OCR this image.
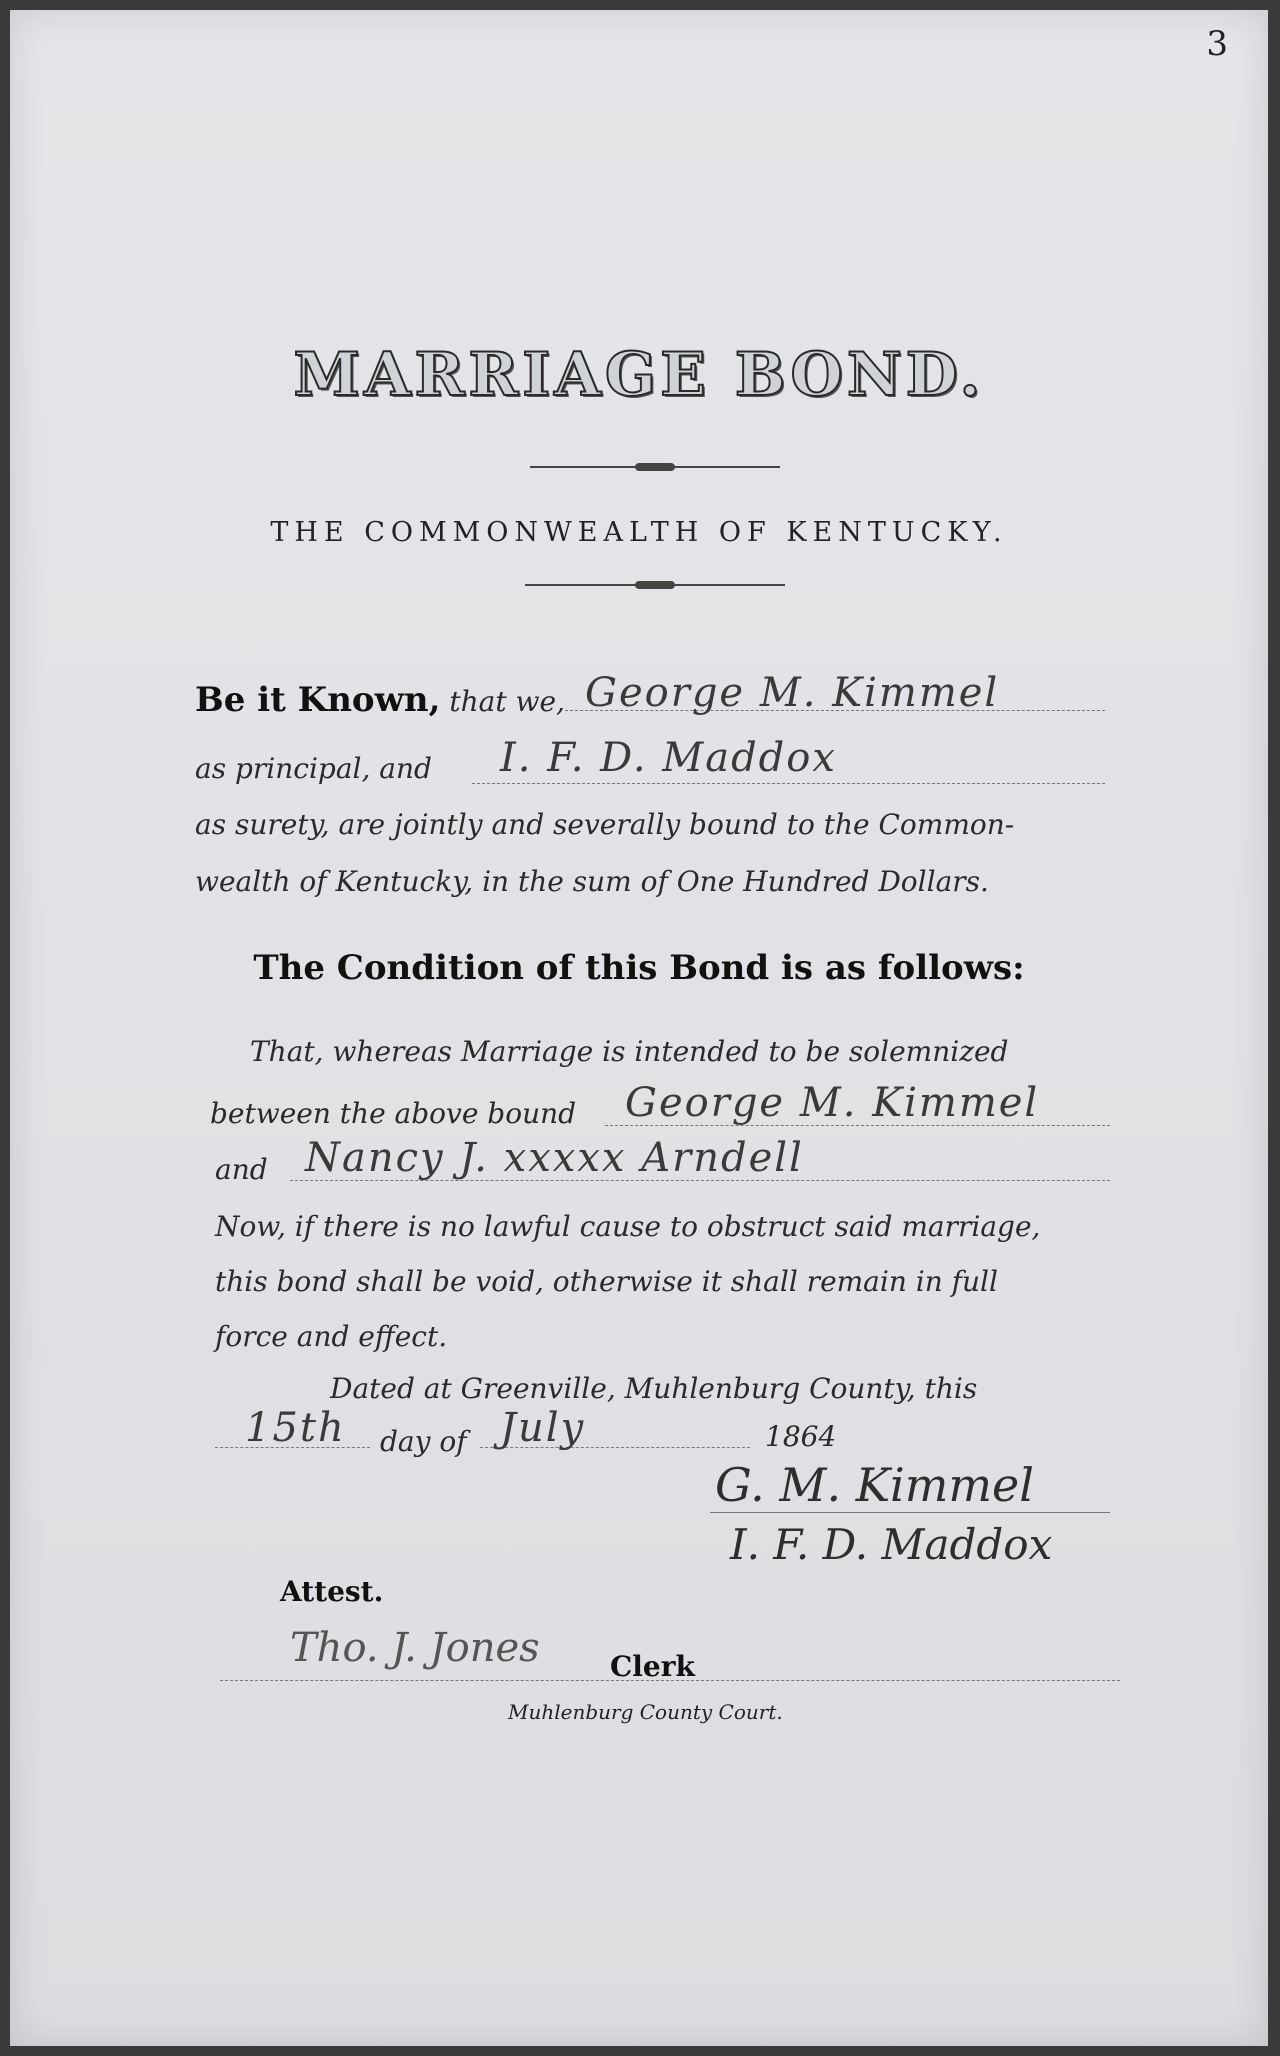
3
MARRIAGE BOND.
THE COMMONWEALTH OF KENTUCKY.
Be it Known, that we, George M. Kimmel
as principal, and I. F. D. Maddox
as surety, are jointly and severally bound to the Common-
wealth of Kentucky, in the sum of One Hundred Dollars.
The Condition of this Bond is as follows:
That, whereas Marriage is intended to be solemnized
between the above bound George M. Kimmel
and Nancy J. xxxxx Arndell
Now, if there is no lawful cause to obstruct said marriage,
this bond shall be void, otherwise it shall remain in full
force and effect.
Dated at Greenville, Muhlenburg County, this
15th day of July	1864
G. M. Kimmel
I. F. D. Maddox
Attest.
Tho. J. Jones	Clerk
Muhlenburg County Court.
